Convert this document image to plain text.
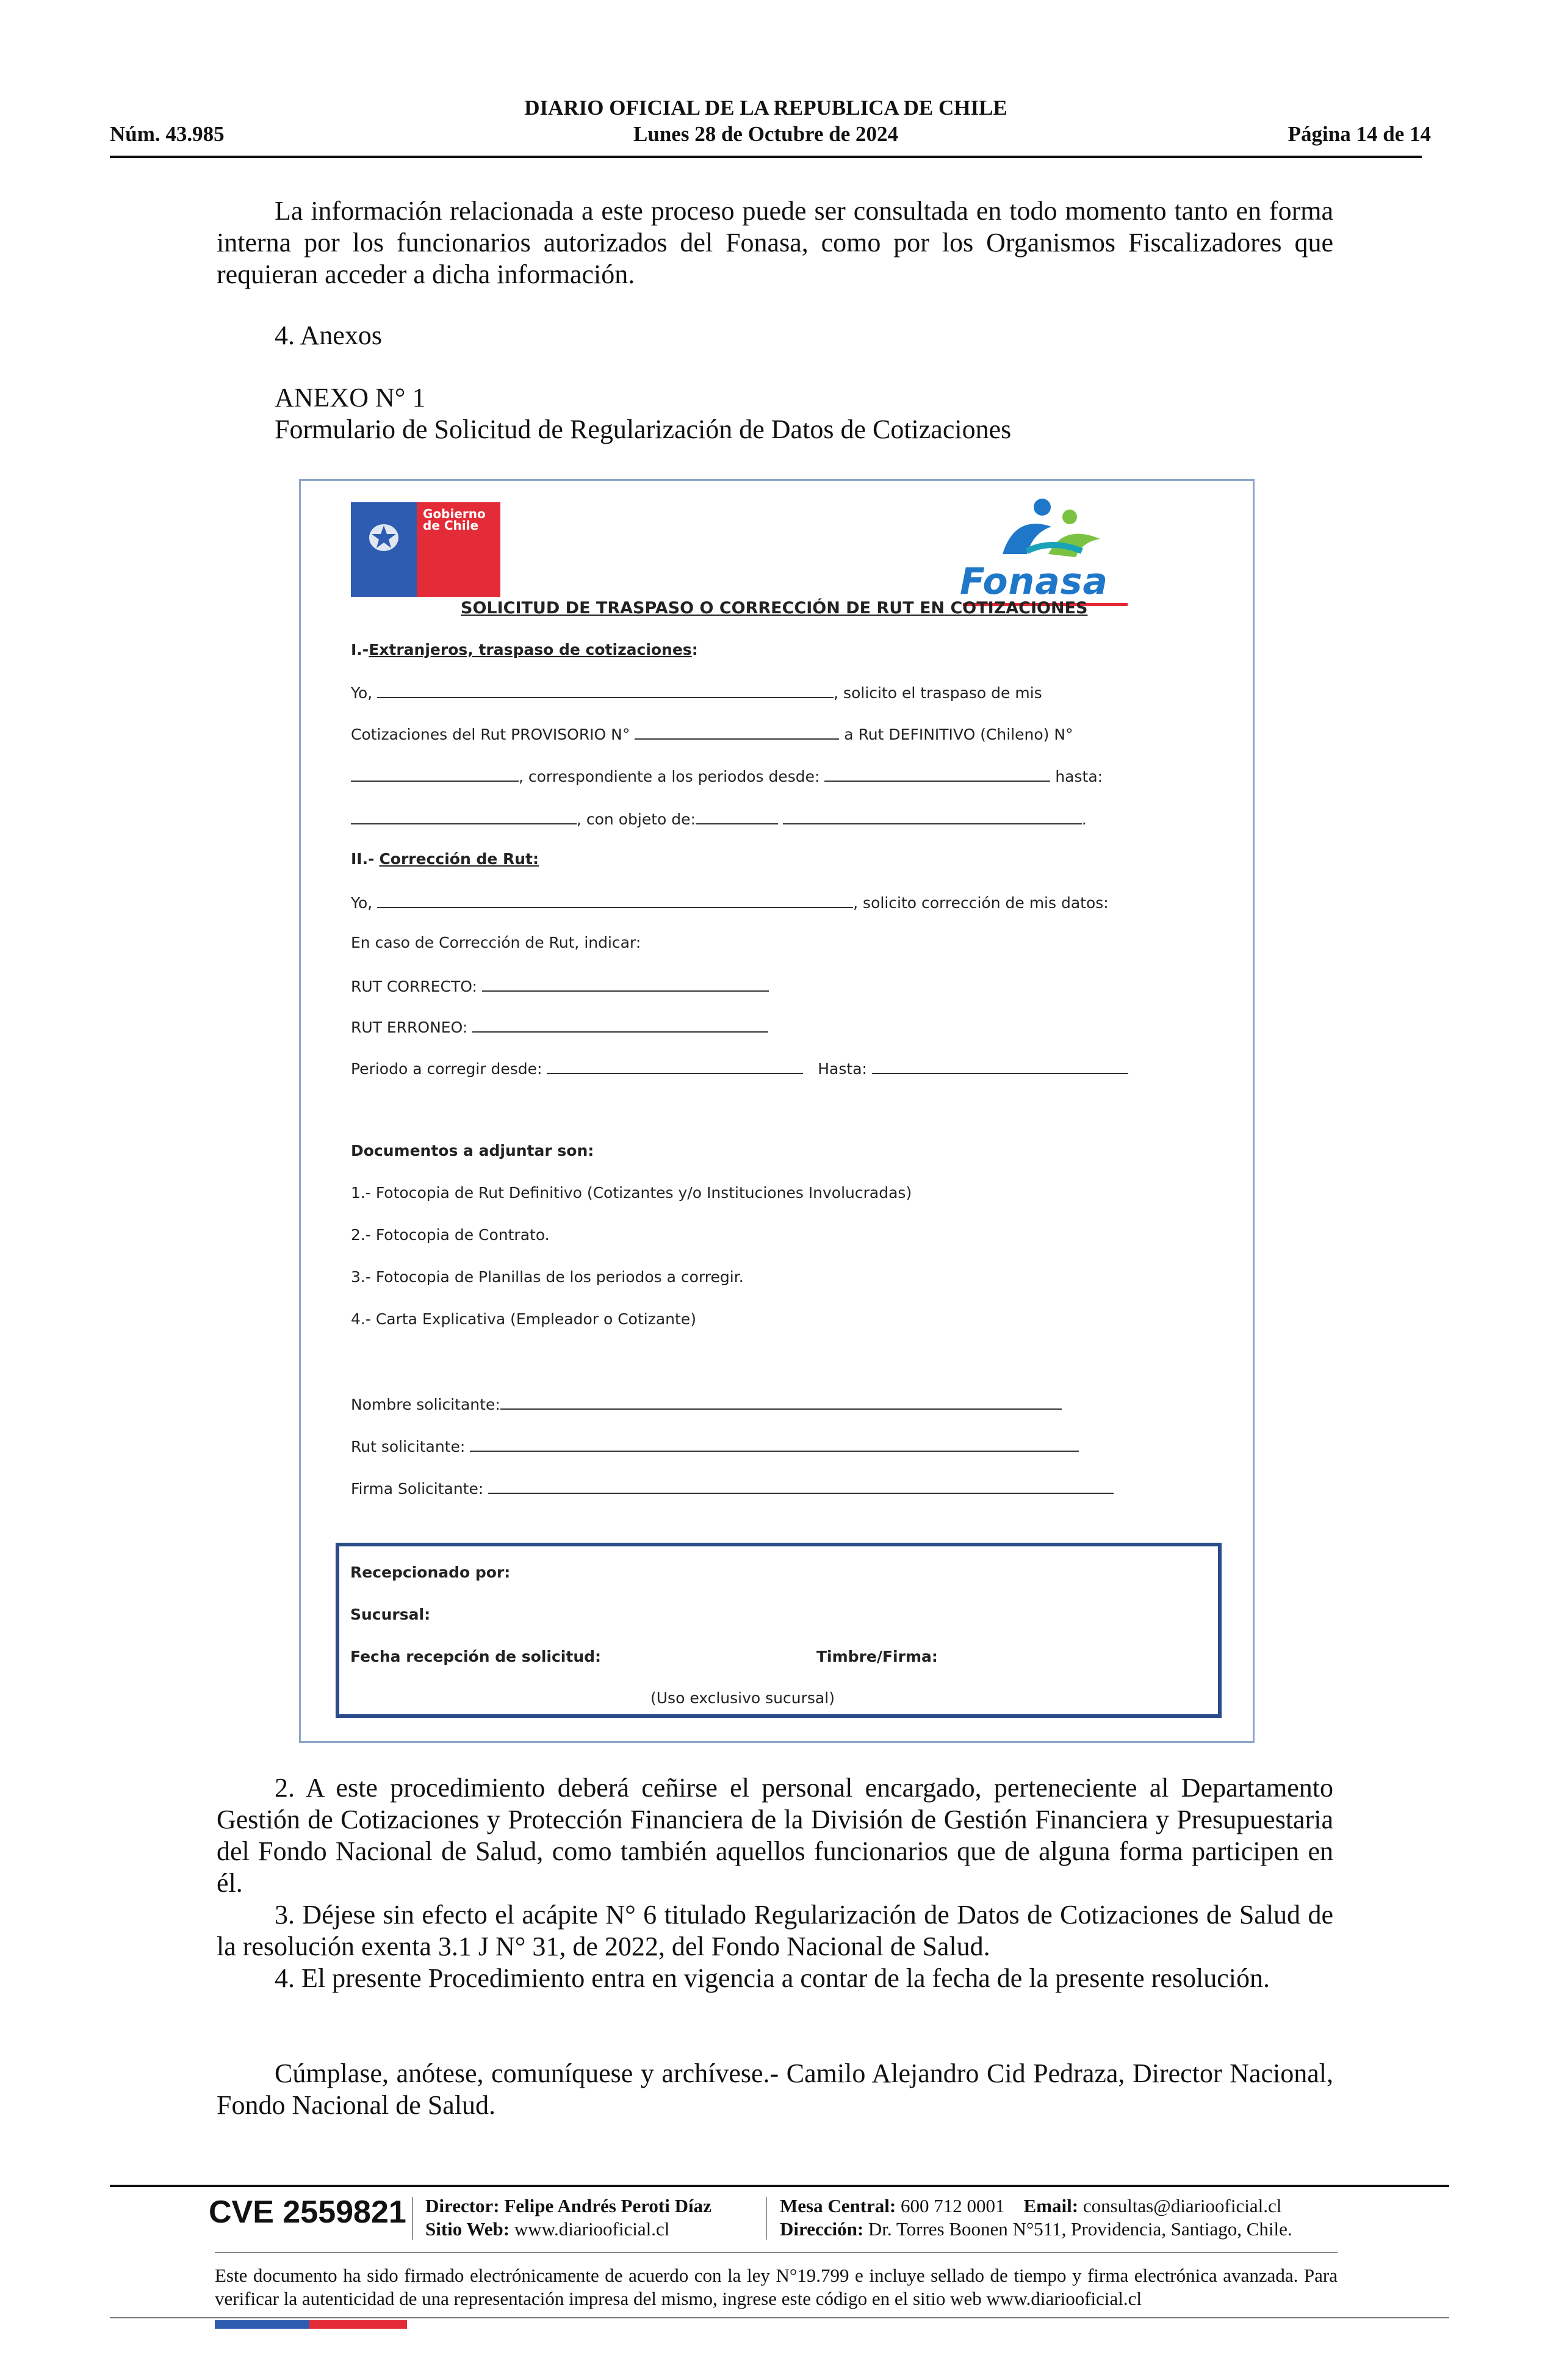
DIARIO OFICIAL DE LA REPUBLICA DE CHILE
Lunes 28 de Octubre de 2024
Núm. 43.985	Página 14 de 14
La información relacionada a este proceso puede ser consultada en todo momento tanto en forma interna por los funcionarios autorizados del Fonasa, como por los Organismos Fiscalizadores que requieran acceder a dicha información.
4. Anexos
ANEXO N° 1
Formulario de Solicitud de Regularización de Datos de Cotizaciones
Gobierno de Chile
Fonasa
SOLICITUD DE TRASPASO O CORRECCIÓN DE RUT EN COTIZACIONES
I.-Extranjeros, traspaso de cotizaciones:
Yo,	, solicito el traspaso de mis
Cotizaciones del Rut PROVISORIO N°	a Rut DEFINITIVO (Chileno) N°
, correspondiente a los periodos desde:	hasta:
, con objeto de:	.
II.- Corrección de Rut:
Yo,	, solicito corrección de mis datos:
En caso de Corrección de Rut, indicar:
RUT CORRECTO:
RUT ERRONEO:
Periodo a corregir desde:	Hasta:
Documentos a adjuntar son:
1.- Fotocopia de Rut Definitivo (Cotizantes y/o Instituciones Involucradas)
2.- Fotocopia de Contrato.
3.- Fotocopia de Planillas de los periodos a corregir.
4.- Carta Explicativa (Empleador o Cotizante)
Nombre solicitante:
Rut solicitante:
Firma Solicitante:
Recepcionado por:
Sucursal:
Fecha recepción de solicitud:	Timbre/Firma:
(Uso exclusivo sucursal)
2. A este procedimiento deberá ceñirse el personal encargado, perteneciente al Departamento Gestión de Cotizaciones y Protección Financiera de la División de Gestión Financiera y Presupuestaria del Fondo Nacional de Salud, como también aquellos funcionarios que de alguna forma participen en él.
3. Déjese sin efecto el acápite N° 6 titulado Regularización de Datos de Cotizaciones de Salud de la resolución exenta 3.1 J N° 31, de 2022, del Fondo Nacional de Salud.
4. El presente Procedimiento entra en vigencia a contar de la fecha de la presente resolución.
Cúmplase, anótese, comuníquese y archívese.- Camilo Alejandro Cid Pedraza, Director Nacional, Fondo Nacional de Salud.
CVE 2559821 Director: Felipe Andrés Peroti Díaz
Sitio Web: www.diariooficial.cl
Mesa Central: 600 712 0001 Email: consultas@diariooficial.cl
Dirección: Dr. Torres Boonen N°511, Providencia, Santiago, Chile.
Este documento ha sido firmado electrónicamente de acuerdo con la ley N°19.799 e incluye sellado de tiempo y firma electrónica avanzada. Para verificar la autenticidad de una representación impresa del mismo, ingrese este código en el sitio web www.diariooficial.cl
